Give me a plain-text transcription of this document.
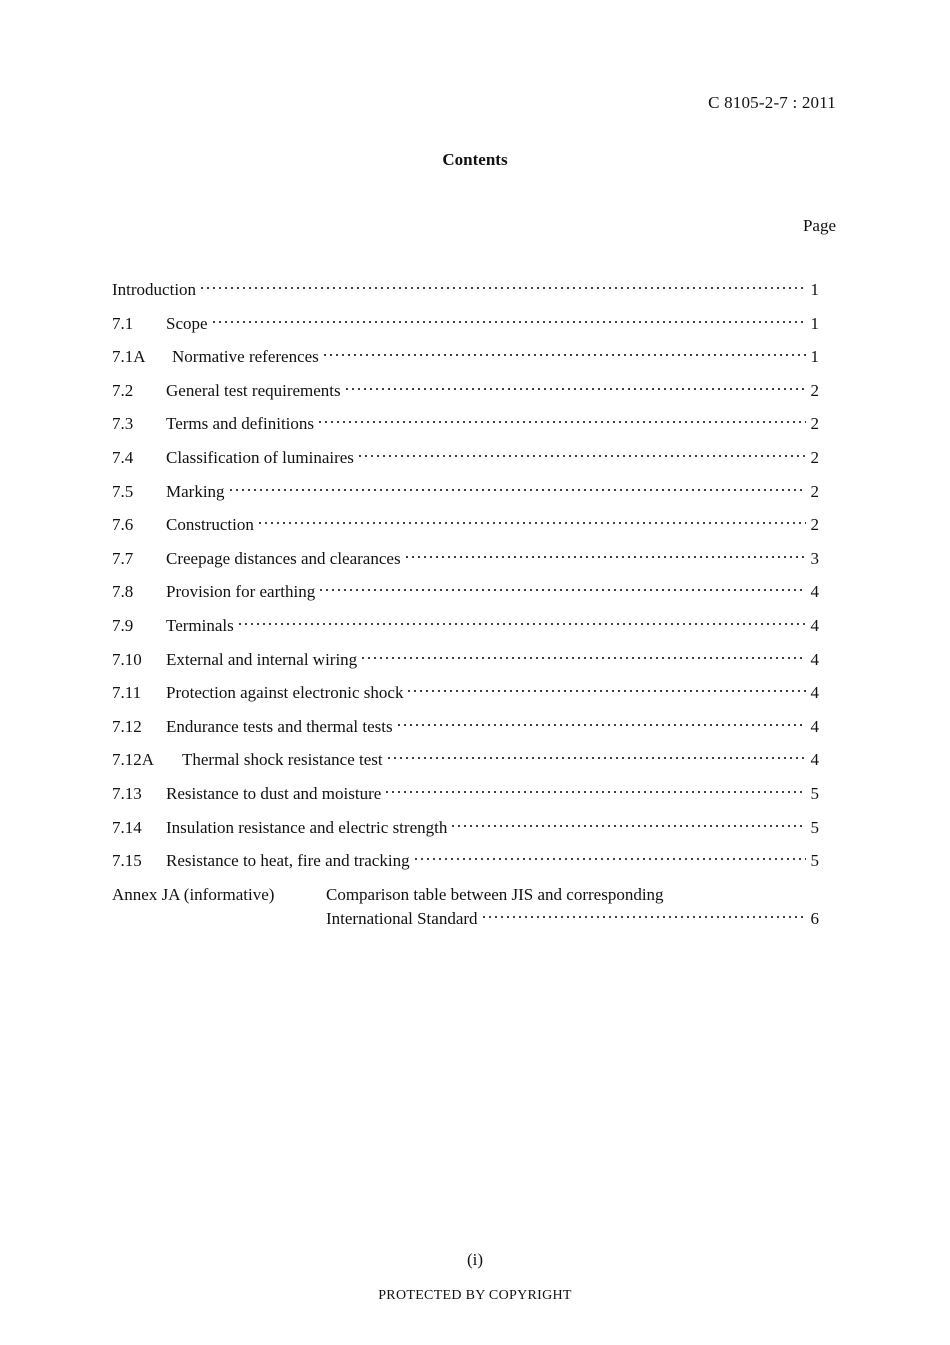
C 8105-2-7 : 2011
Contents
Page
Introduction	1
7.1	Scope	1
7.1A	Normative references	1
7.2	General test requirements	2
7.3	Terms and definitions	2
7.4	Classification of luminaires	2
7.5	Marking	2
7.6	Construction	2
7.7	Creepage distances and clearances	3
7.8	Provision for earthing	4
7.9	Terminals	4
7.10	External and internal wiring	4
7.11	Protection against electronic shock	4
7.12	Endurance tests and thermal tests	4
7.12A	Thermal shock resistance test	4
7.13	Resistance to dust and moisture	5
7.14	Insulation resistance and electric strength	5
7.15	Resistance to heat, fire and tracking	5
Annex JA (informative)	Comparison table between JIS and corresponding
International Standard	6
(i)
PROTECTED BY COPYRIGHT
